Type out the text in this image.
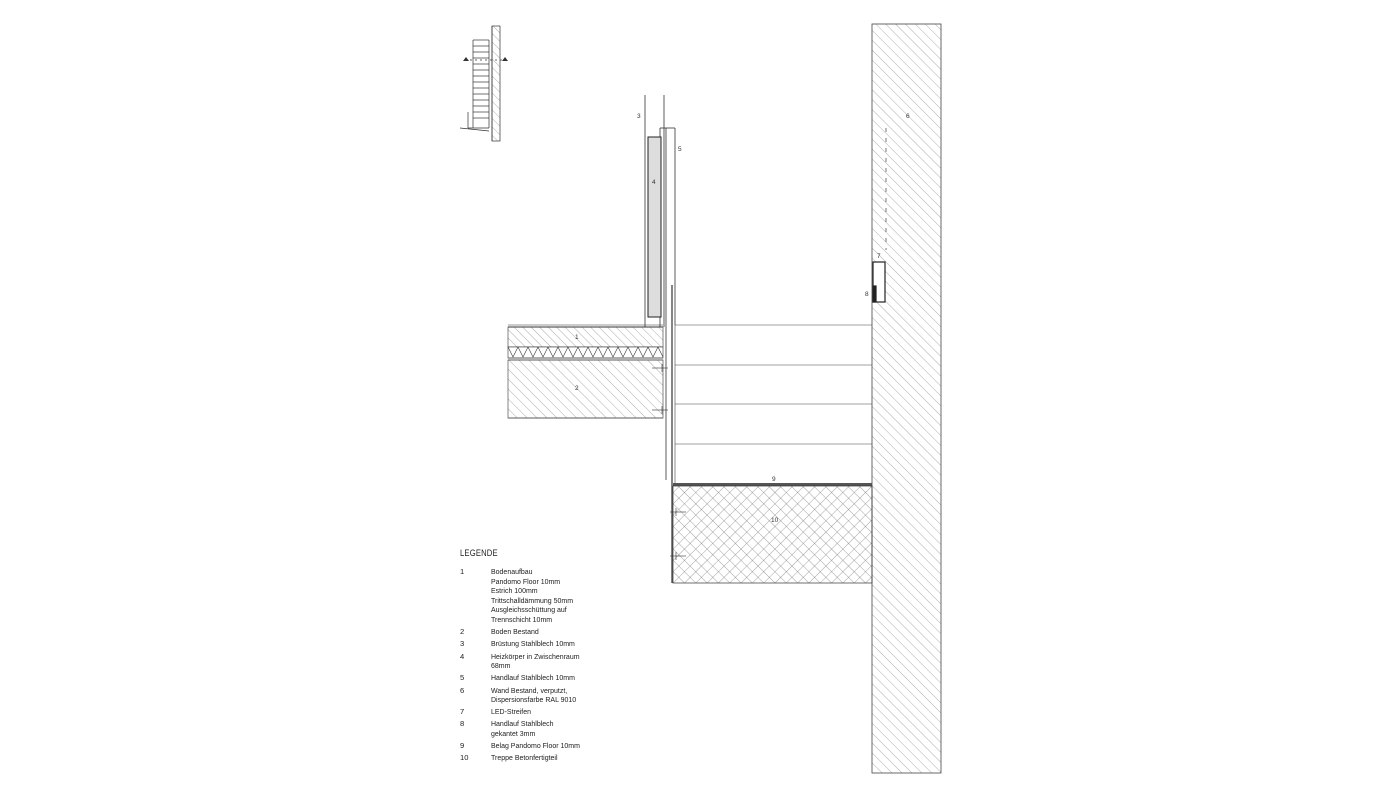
1
2
3
4
5
6
7
8
9
10
LEGENDE
1	Bodenaufbau
Pandomo Floor 10mm
Estrich 100mm
Trittschalldämmung 50mm
Ausgleichsschüttung auf
Trennschicht 10mm
2	Boden Bestand
3	Brüstung Stahlblech 10mm
4	Heizkörper in Zwischenraum
68mm
5	Handlauf Stahlblech 10mm
6	Wand Bestand, verputzt,
Dispersionsfarbe RAL 9010
7	LED-Streifen
8	Handlauf Stahlblech
gekantet 3mm
9	Belag Pandomo Floor 10mm
10	Treppe Betonfertigteil
